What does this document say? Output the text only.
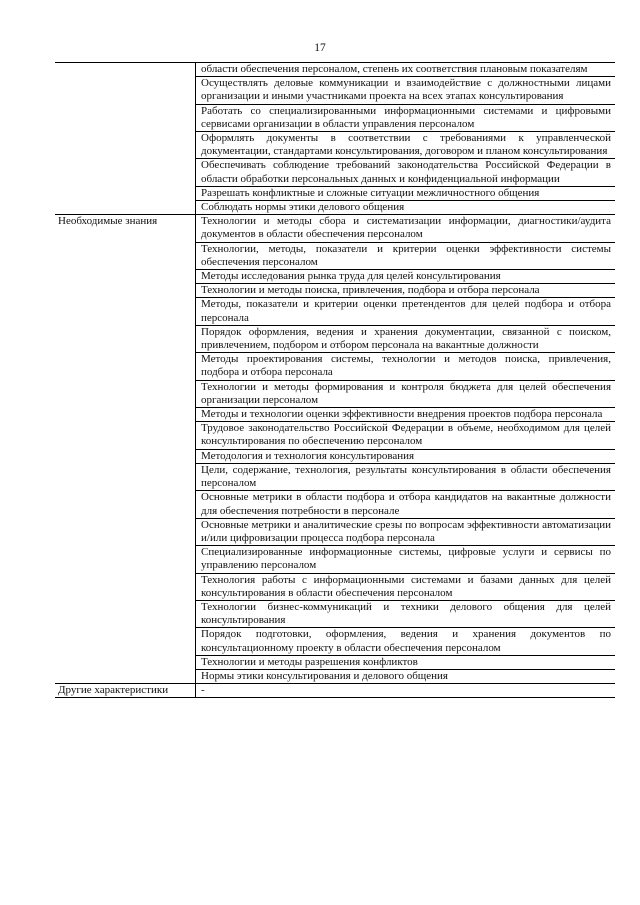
17
области обеспечения персоналом, степень их соответствия плановым показателям
Осуществлять деловые коммуникации и взаимодействие с должностными лицами организации и иными участниками проекта на всех этапах консультирования
Работать со специализированными информационными системами и цифровыми сервисами организации в области управления персоналом
Оформлять документы в соответствии с требованиями к управленческой документации, стандартами консультирования, договором и планом консультирования
Обеспечивать соблюдение требований законодательства Российской Федерации в области обработки персональных данных и конфиденциальной информации
Разрешать конфликтные и сложные ситуации межличностного общения
Соблюдать нормы этики делового общения
Необходимые знания	Технологии и методы сбора и систематизации информации, диагностики/аудита документов в области обеспечения персоналом
Технологии, методы, показатели и критерии оценки эффективности системы обеспечения персоналом
Методы исследования рынка труда для целей консультирования
Технологии и методы поиска, привлечения, подбора и отбора персонала
Методы, показатели и критерии оценки претендентов для целей подбора и отбора персонала
Порядок оформления, ведения и хранения документации, связанной с поиском, привлечением, подбором и отбором персонала на вакантные должности
Методы проектирования системы, технологии и методов поиска, привлечения, подбора и отбора персонала
Технологии и методы формирования и контроля бюджета для целей обеспечения организации персоналом
Методы и технологии оценки эффективности внедрения проектов подбора персонала
Трудовое законодательство Российской Федерации в объеме, необходимом для целей консультирования по обеспечению персоналом
Методология и технология консультирования
Цели, содержание, технология, результаты консультирования в области обеспечения персоналом
Основные метрики в области подбора и отбора кандидатов на вакантные должности для обеспечения потребности в персонале
Основные метрики и аналитические срезы по вопросам эффективности автоматизации и/или цифровизации процесса подбора персонала
Специализированные информационные системы, цифровые услуги и сервисы по управлению персоналом
Технология работы с информационными системами и базами данных для целей консультирования в области обеспечения персоналом
Технологии бизнес-коммуникаций и техники делового общения для целей консультирования
Порядок подготовки, оформления, ведения и хранения документов по консультационному проекту в области обеспечения персоналом
Технологии и методы разрешения конфликтов
Нормы этики консультирования и делового общения
Другие характеристики	-
